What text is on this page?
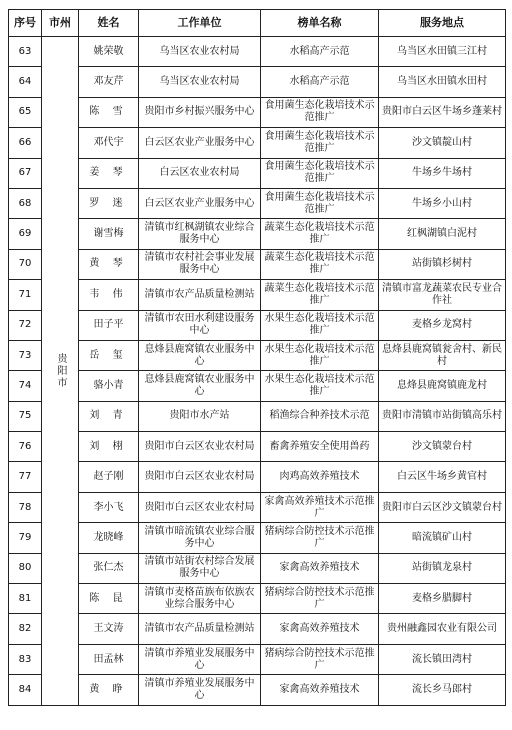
序号	市州	姓名	工作单位	榜单名称	服务地点
63	贵阳市	姚荣敬	乌当区农业农村局	水稻高产示范	乌当区水田镇三江村
64		邓友芹	乌当区农业农村局	水稻高产示范	乌当区水田镇水田村
65		陈 雪	贵阳市乡村振兴服务中心	食用菌生态化栽培技术示范推广	贵阳市白云区牛场乡蓬莱村
66		邓代宇	白云区农业产业服务中心	食用菌生态化栽培技术示范推广	沙文镇靛山村
67		姜 琴	白云区农业农村局	食用菌生态化栽培技术示范推广	牛场乡牛场村
68		罗 迷	白云区农业产业服务中心	食用菌生态化栽培技术示范推广	牛场乡小山村
69		谢雪梅	清镇市红枫湖镇农业综合服务中心	蔬菜生态化栽培技术示范推广	红枫湖镇白泥村
70		黄 琴	清镇市农村社会事业发展服务中心	蔬菜生态化栽培技术示范推广	站街镇杉树村
71		韦 伟	清镇市农产品质量检测站	蔬菜生态化栽培技术示范推广	清镇市富龙蔬菜农民专业合作社
72		田子平	清镇市农田水利建设服务中心	水果生态化栽培技术示范推广	麦格乡龙窝村
73		岳 玺	息烽县鹿窝镇农业服务中心	水果生态化栽培技术示范推广	息烽县鹿窝镇瓮舍村、新民村
74		骆小青	息烽县鹿窝镇农业服务中心	水果生态化栽培技术示范推广	息烽县鹿窝镇鹿龙村
75		刘 青	贵阳市水产站	稻渔综合种养技术示范	贵阳市清镇市站街镇高乐村
76		刘 栩	贵阳市白云区农业农村局	畜禽养殖安全使用兽药	沙文镇蒙台村
77		赵子刚	贵阳市白云区农业农村局	肉鸡高效养殖技术	白云区牛场乡黄官村
78		李小飞	贵阳市白云区农业农村局	家禽高效养殖技术示范推广	贵阳市白云区沙文镇蒙台村
79		龙晓峰	清镇市暗流镇农业综合服务中心	猪病综合防控技术示范推广	暗流镇矿山村
80		张仁杰	清镇市站街农村综合发展服务中心	家禽高效养殖技术	站街镇龙泉村
81		陈 昆	清镇市麦格苗族布依族农业综合服务中心	猪病综合防控技术示范推广	麦格乡腊脚村
82		王文涛	清镇市农产品质量检测站	家禽高效养殖技术	贵州融鑫园农业有限公司
83		田孟林	清镇市养殖业发展服务中心	猪病综合防控技术示范推广	流长镇田湾村
84		黄 睁	清镇市养殖业发展服务中心	家禽高效养殖技术	流长乡马郎村
